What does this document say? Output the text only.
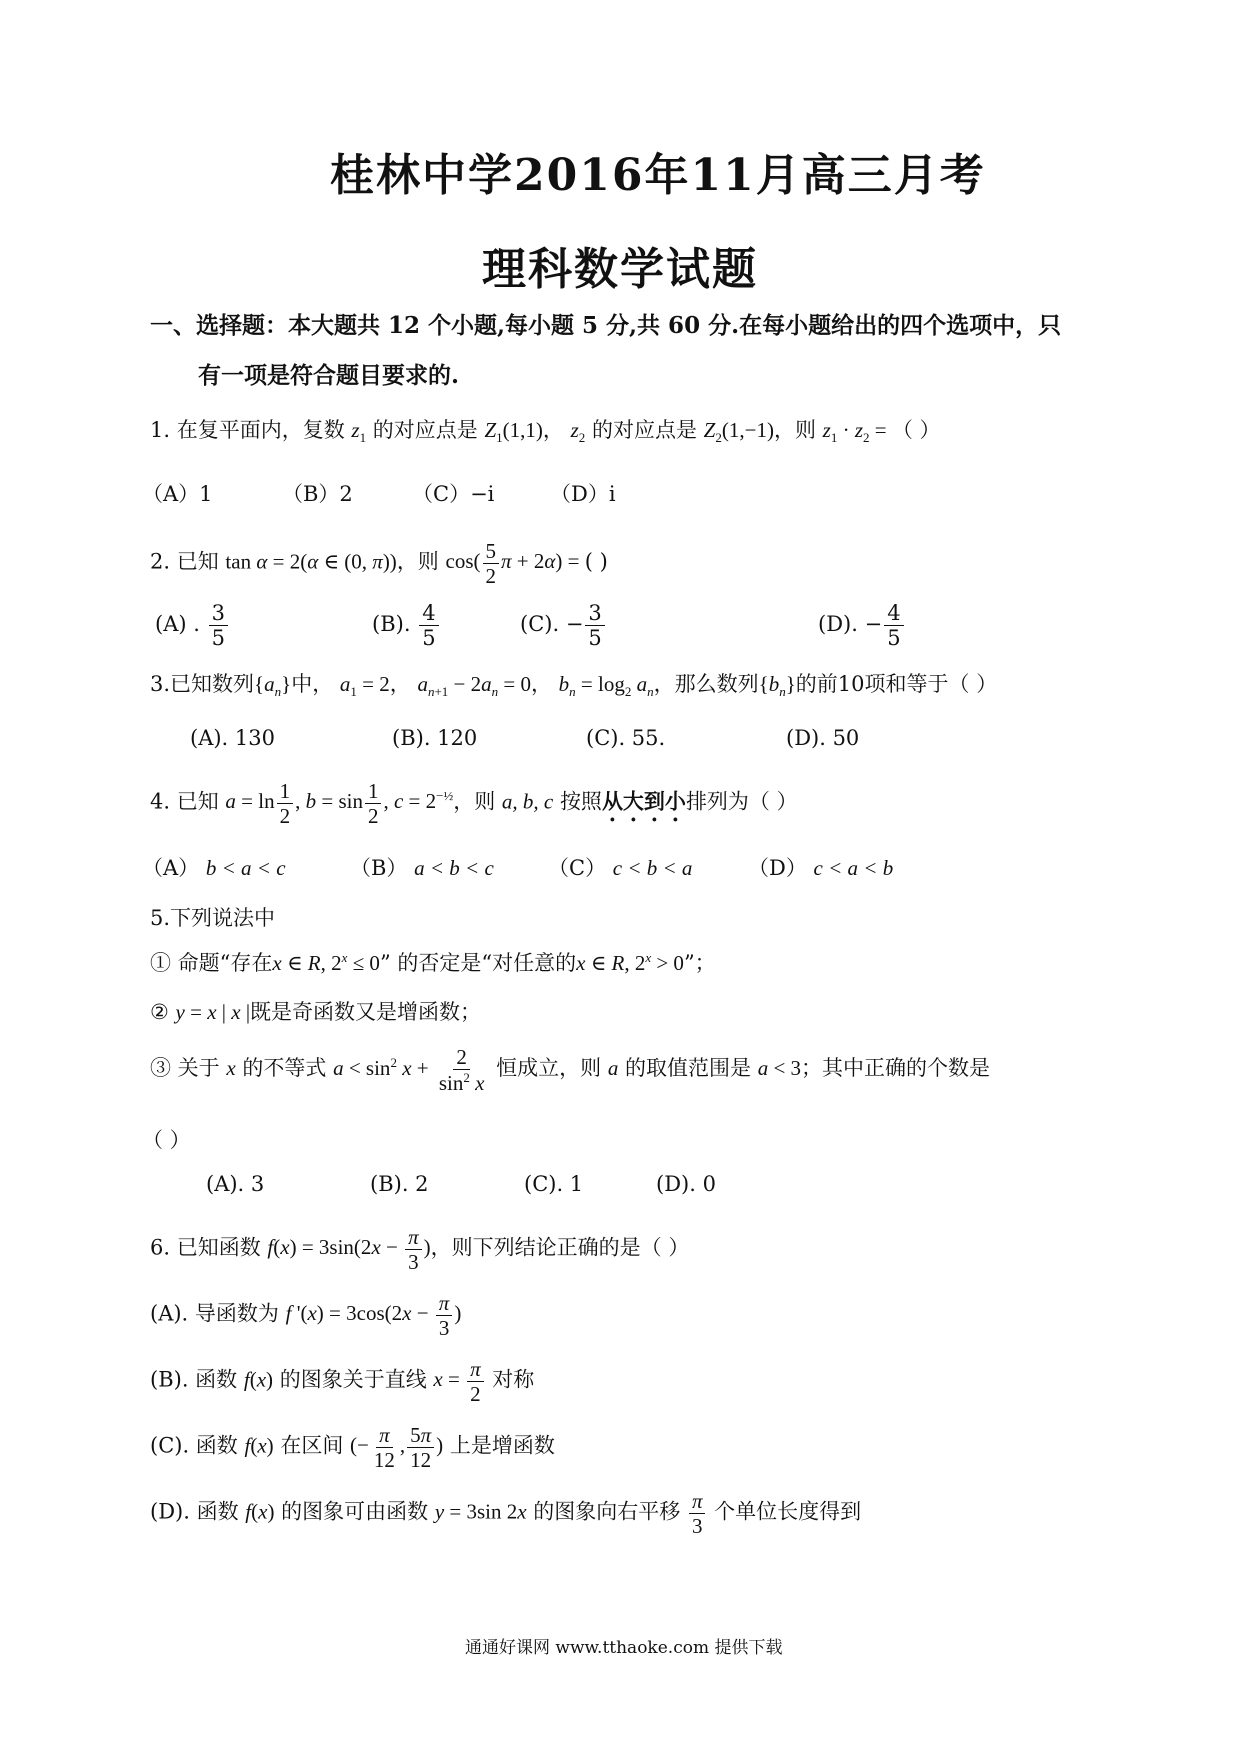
桂林中学2016年11月高三月考
理科数学试题
一、选择题：本大题共 12 个小题,每小题 5 分,共 60 分.在每小题给出的四个选项中，只
有一项是符合题目要求的.
1. 在复平面内，复数 $z_1$ 的对应点是 $Z_1(1,1)$， $z_2$ 的对应点是 $Z_2(1,-1)$，则 $z_1 \cdot z_2$ = （ ）
（A）1	（B）2	（C）−i	（D）i
2. 已知 tan α = 2(α ∈ (0, π))，则 $\cos( \frac{5}{2}$ π + 2α) = ( )
(A) . $\frac{3}{5}$	(B). $\frac{4}{5}$	(C). − $\frac{3}{5}$	(D). − $\frac{4}{5}$
3.已知数列$\{a_n\}$中， $a_1 = 2$， $a_{n+1} - 2a_n = 0$， $b_n = \log_2 a_n$，那么数列$\{b_n\}$的前10项和等于（ ）
(A). 130	(B). 120	(C). 55.	(D). 50
4. 已知 $a = \ln \frac{1}{2}$ , $b = \sin \frac{1}{2}$ , $c = 2^{-\frac{1}{2}}$，则 a, b, c 按照从大到小排列为（ ）
（A） b < a < c	（B） a < b < c	（C） c < b < a	（D） c < a < b
5.下列说法中
① 命题“存在x ∈ R, $2^x \le 0$” 的否定是“对任意的x ∈ R, $2^x > 0$”；
② y = x | x |既是奇函数又是增函数；
③ 关于 x 的不等式 $a < \sin^2 x + \frac{2}{\sin^2 x}$ 恒成立，则 a 的取值范围是 a < 3；其中正确的个数是
（ ）
(A). 3	(B). 2	(C). 1	(D). 0
6. 已知函数 $f(x) = 3\sin(2x - \frac{\pi}{3}$ )，则下列结论正确的是（ ）
(A). 导函数为 f '$(x) = 3\cos(2x - \frac{\pi}{3}$ )
(B). 函数 f(x) 的图象关于直线 $x = \frac{\pi}{2}$ 对称
(C). 函数 f(x) 在区间 (− $\frac{\pi}{12}$ , $\frac{5\pi}{12}$ ) 上是增函数
(D). 函数 f(x) 的图象可由函数 y = 3sin 2x 的图象向右平移 $\frac{\pi}{3}$ 个单位长度得到
通通好课网 www.tthaoke.com 提供下载
